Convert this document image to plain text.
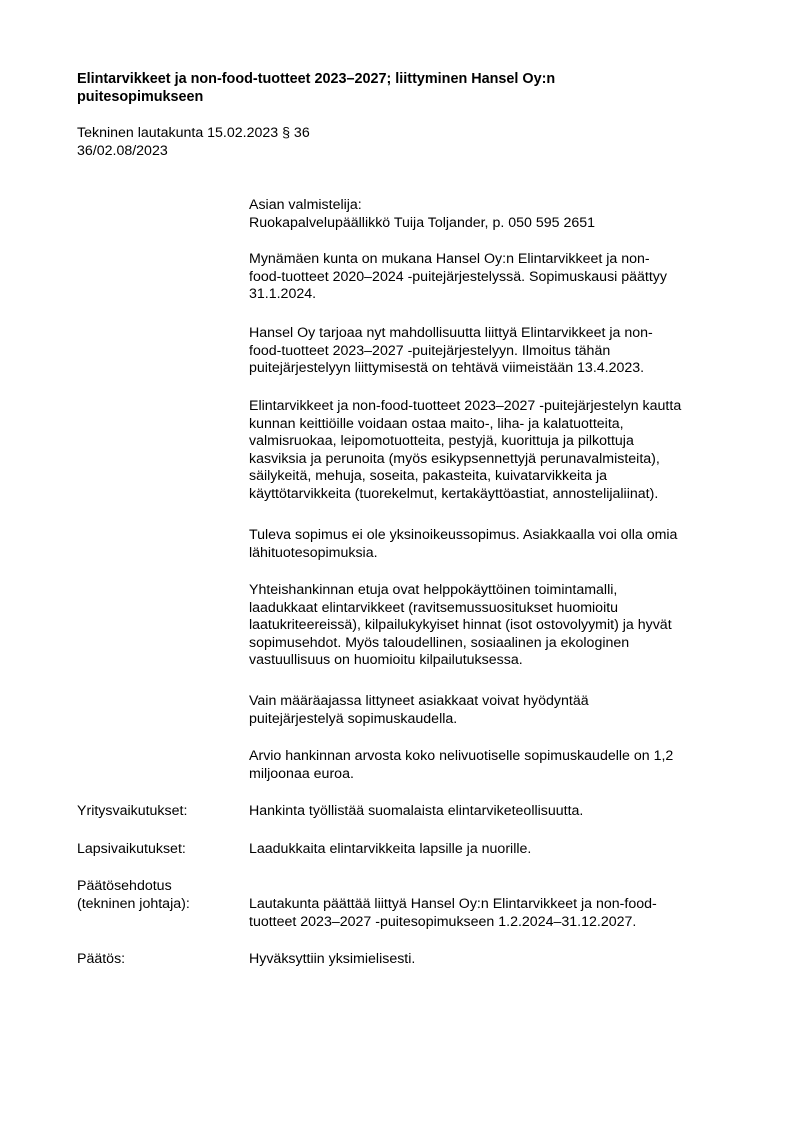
Elintarvikkeet ja non-food-tuotteet 2023–2027; liittyminen Hansel Oy:n
puitesopimukseen
Tekninen lautakunta 15.02.2023 § 36
36/02.08/2023
Asian valmistelija:
Ruokapalvelupäällikkö Tuija Toljander, p. 050 595 2651
Mynämäen kunta on mukana Hansel Oy:n Elintarvikkeet ja non-
food-tuotteet 2020–2024 -puitejärjestelyssä. Sopimuskausi päättyy
31.1.2024.
Hansel Oy tarjoaa nyt mahdollisuutta liittyä Elintarvikkeet ja non-
food-tuotteet 2023–2027 -puitejärjestelyyn. Ilmoitus tähän
puitejärjestelyyn liittymisestä on tehtävä viimeistään 13.4.2023.
Elintarvikkeet ja non-food-tuotteet 2023–2027 -puitejärjestelyn kautta
kunnan keittiöille voidaan ostaa maito-, liha- ja kalatuotteita,
valmisruokaa, leipomotuotteita, pestyjä, kuorittuja ja pilkottuja
kasviksia ja perunoita (myös esikypsennettyjä perunavalmisteita),
säilykeitä, mehuja, soseita, pakasteita, kuivatarvikkeita ja
käyttötarvikkeita (tuorekelmut, kertakäyttöastiat, annostelijaliinat).
Tuleva sopimus ei ole yksinoikeussopimus. Asiakkaalla voi olla omia
lähituotesopimuksia.
Yhteishankinnan etuja ovat helppokäyttöinen toimintamalli,
laadukkaat elintarvikkeet (ravitsemussuositukset huomioitu
laatukriteereissä), kilpailukykyiset hinnat (isot ostovolyymit) ja hyvät
sopimusehdot. Myös taloudellinen, sosiaalinen ja ekologinen
vastuullisuus on huomioitu kilpailutuksessa.
Vain määräajassa littyneet asiakkaat voivat hyödyntää
puitejärjestelyä sopimuskaudella.
Arvio hankinnan arvosta koko nelivuotiselle sopimuskaudelle on 1,2
miljoonaa euroa.
Yritysvaikutukset:	Hankinta työllistää suomalaista elintarviketeollisuutta.
Lapsivaikutukset:	Laadukkaita elintarvikkeita lapsille ja nuorille.
Päätösehdotus
(tekninen johtaja):	Lautakunta päättää liittyä Hansel Oy:n Elintarvikkeet ja non-food-
tuotteet 2023–2027 -puitesopimukseen 1.2.2024–31.12.2027.
Päätös:	Hyväksyttiin yksimielisesti.
